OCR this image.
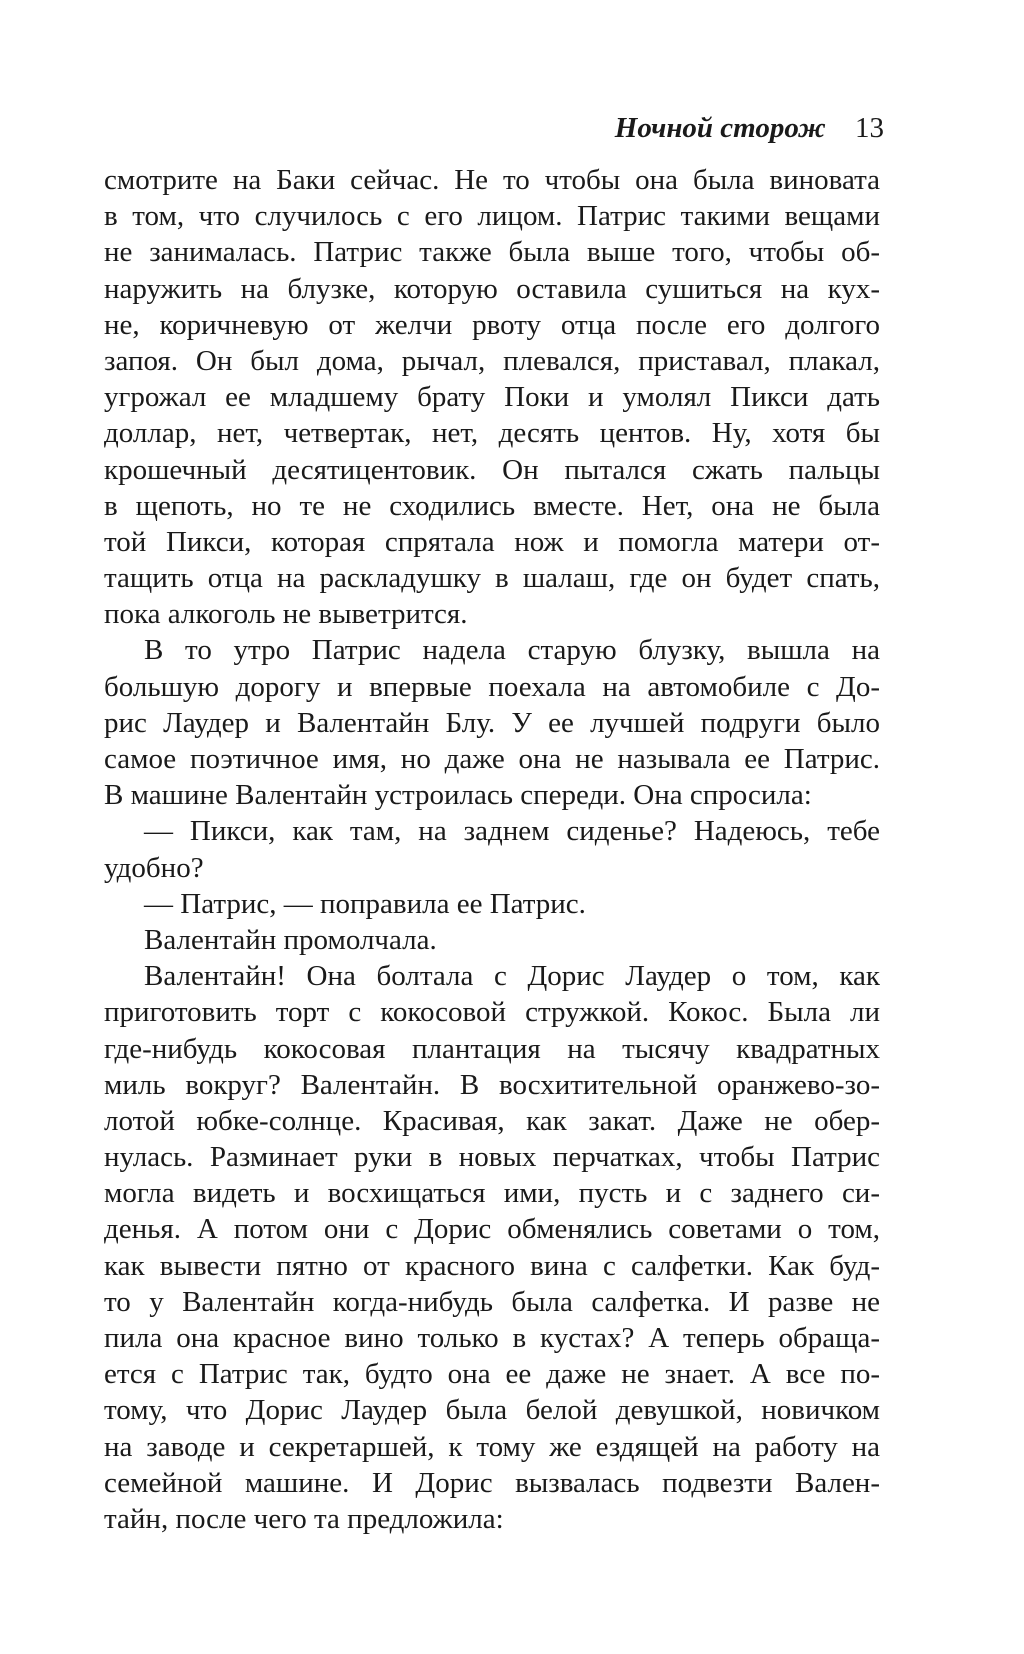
Ночной сторож 13
смотрите на Баки сейчас. Не то чтобы она была виновата
в том, что случилось с его лицом. Патрис такими вещами
не занималась. Патрис также была выше того, чтобы об-
наружить на блузке, которую оставила сушиться на кух-
не, коричневую от желчи рвоту отца после его долгого
запоя. Он был дома, рычал, плевался, приставал, плакал,
угрожал ее младшему брату Поки и умолял Пикси дать
доллар, нет, четвертак, нет, десять центов. Ну, хотя бы
крошечный десятицентовик. Он пытался сжать пальцы
в щепоть, но те не сходились вместе. Нет, она не была
той Пикси, которая спрятала нож и помогла матери от-
тащить отца на раскладушку в шалаш, где он будет спать,
пока алкоголь не выветрится.
В то утро Патрис надела старую блузку, вышла на
большую дорогу и впервые поехала на автомобиле с До-
рис Лаудер и Валентайн Блу. У ее лучшей подруги было
самое поэтичное имя, но даже она не называла ее Патрис.
В машине Валентайн устроилась спереди. Она спросила:
— Пикси, как там, на заднем сиденье? Надеюсь, тебе
удобно?
— Патрис, — поправила ее Патрис.
Валентайн промолчала.
Валентайн! Она болтала с Дорис Лаудер о том, как
приготовить торт с кокосовой стружкой. Кокос. Была ли
где-нибудь кокосовая плантация на тысячу квадратных
миль вокруг? Валентайн. В восхитительной оранжево-зо-
лотой юбке-солнце. Красивая, как закат. Даже не обер-
нулась. Разминает руки в новых перчатках, чтобы Патрис
могла видеть и восхищаться ими, пусть и с заднего си-
денья. А потом они с Дорис обменялись советами о том,
как вывести пятно от красного вина с салфетки. Как буд-
то у Валентайн когда-нибудь была салфетка. И разве не
пила она красное вино только в кустах? А теперь обраща-
ется с Патрис так, будто она ее даже не знает. А все по-
тому, что Дорис Лаудер была белой девушкой, новичком
на заводе и секретаршей, к тому же ездящей на работу на
семейной машине. И Дорис вызвалась подвезти Вален-
тайн, после чего та предложила:
